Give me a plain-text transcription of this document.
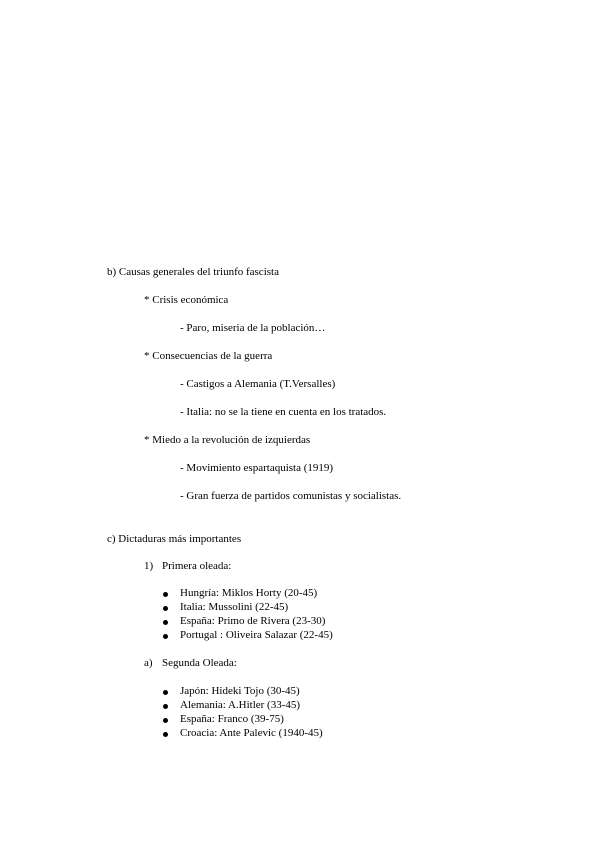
b) Causas generales del triunfo fascista
* Crisis económica
- Paro, miseria de la población…
* Consecuencias de la guerra
- Castigos a Alemania (T.Versalles)
- Italia: no se la tiene en cuenta en los tratados.
* Miedo a la revolución de izquierdas
- Movimiento espartaquista (1919)
- Gran fuerza de partidos comunistas y socialistas.
c) Dictaduras más importantes
1) Primera oleada:
Hungría: Miklos Horty (20-45)
Italia: Mussolini (22-45)
España: Primo de Rivera (23-30)
Portugal : Oliveira Salazar (22-45)
a) Segunda Oleada:
Japón: Hideki Tojo (30-45)
Alemania: A.Hitler (33-45)
España: Franco (39-75)
Croacia: Ante Palevic (1940-45)
